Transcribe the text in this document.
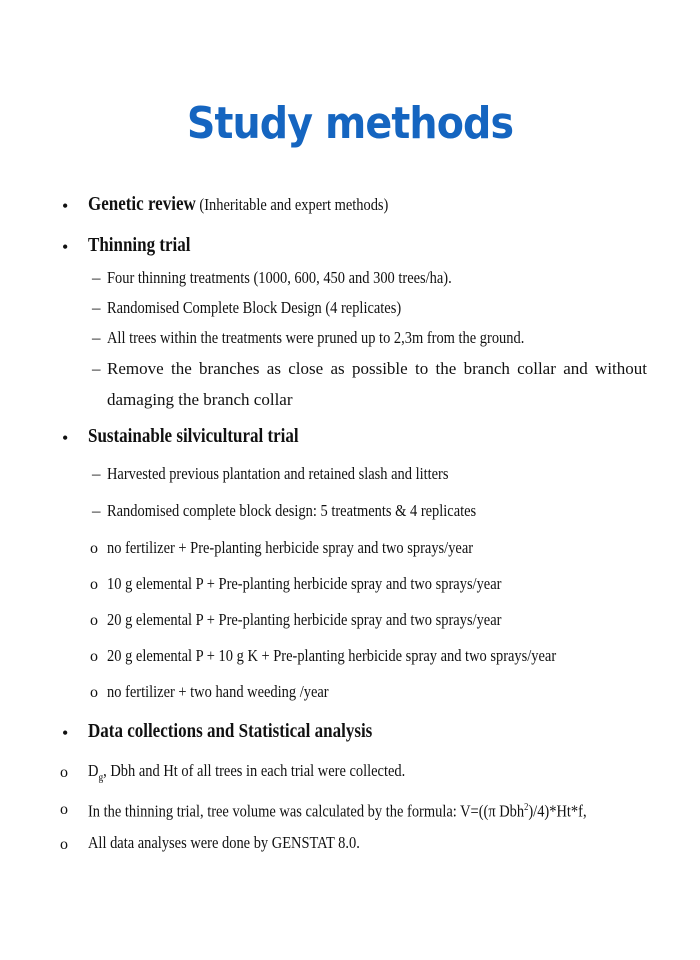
Study methods
• Genetic review (Inheritable and expert methods)
• Thinning trial
– Four thinning treatments (1000, 600, 450 and 300 trees/ha).
– Randomised Complete Block Design (4 replicates)
– All trees within the treatments were pruned up to 2,3m from the ground.
– Remove the branches as close as possible to the branch collar and without damaging the branch collar
• Sustainable silvicultural trial
– Harvested previous plantation and retained slash and litters
– Randomised complete block design: 5 treatments & 4 replicates
o no fertilizer + Pre-planting herbicide spray and two sprays/year
o 10 g elemental P + Pre-planting herbicide spray and two sprays/year
o 20 g elemental P + Pre-planting herbicide spray and two sprays/year
o 20 g elemental P + 10 g K + Pre-planting herbicide spray and two sprays/year
o no fertilizer + two hand weeding /year
• Data collections and Statistical analysis
o $D_g$, Dbh and Ht of all trees in each trial were collected.
o In the thinning trial, tree volume was calculated by the formula: V=((π Dbh$^2$)/4)*Ht*f,
o All data analyses were done by GENSTAT 8.0.
